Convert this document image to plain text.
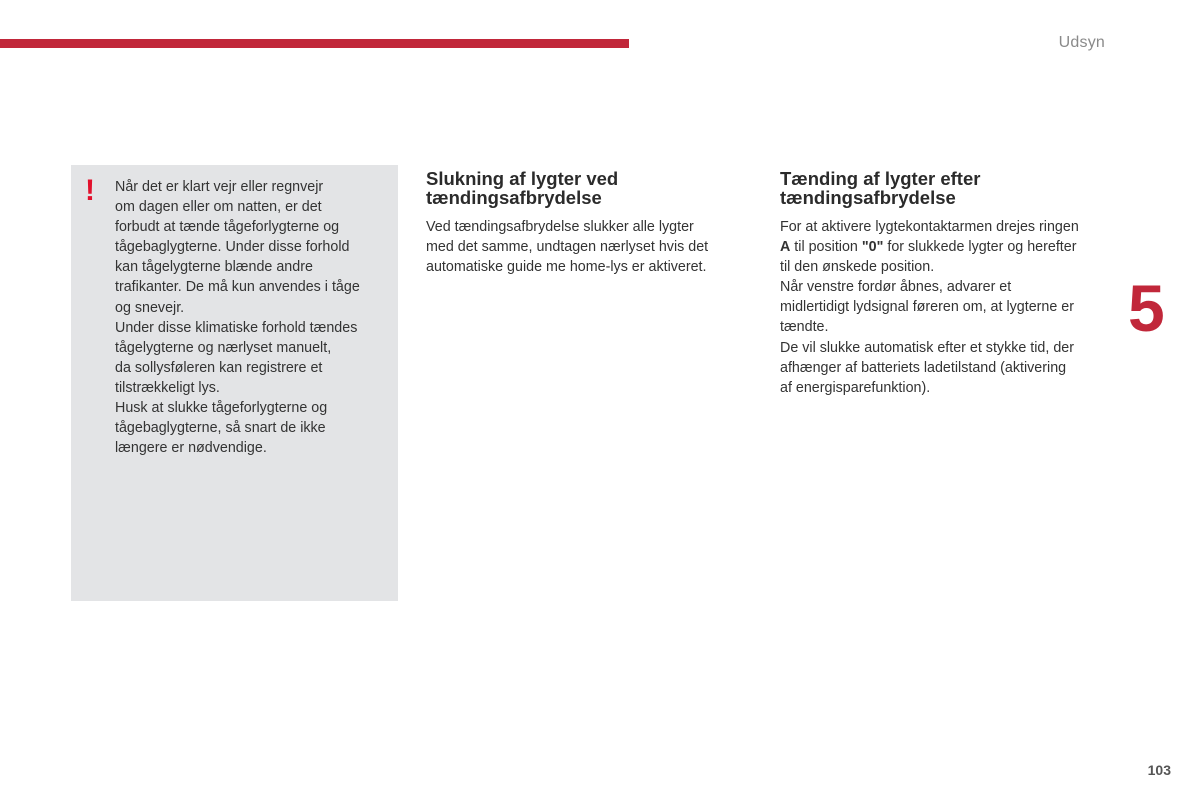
Udsyn
! Når det er klart vejr eller regnvejr
om dagen eller om natten, er det
forbudt at tænde tågeforlygterne og
tågebaglygterne. Under disse forhold
kan tågelygterne blænde andre
trafikanter. De må kun anvendes i tåge
og snevejr.
Under disse klimatiske forhold tændes
tågelygterne og nærlyset manuelt,
da sollysføleren kan registrere et
tilstrækkeligt lys.
Husk at slukke tågeforlygterne og
tågebaglygterne, så snart de ikke
længere er nødvendige.
Slukning af lygter ved
tændingsafbrydelse

Ved tændingsafbrydelse slukker alle lygter
med det samme, undtagen nærlyset hvis det
automatiske guide me home-lys er aktiveret.

Tænding af lygter efter
tændingsafbrydelse

For at aktivere lygtekontaktarmen drejes ringen
A til position "0" for slukkede lygter og herefter
til den ønskede position.

Når venstre fordør åbnes, advarer et
midlertidigt lydsignal føreren om, at lygterne er
tændte.

De vil slukke automatisk efter et stykke tid, der
afhænger af batteriets ladetilstand (aktivering
af energisparefunktion).

5
103
